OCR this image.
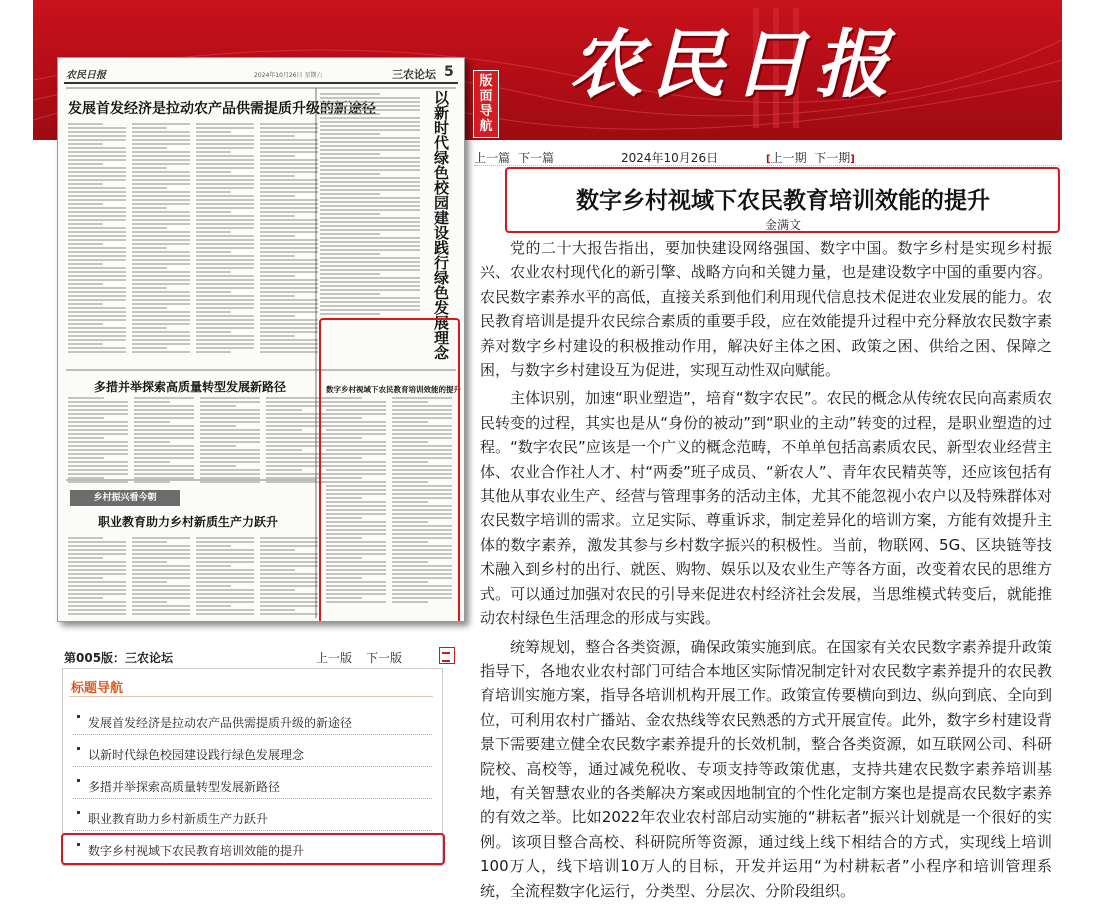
农民日报
版面导航
农民日报	2024年10月26日 星期六	三农论坛 5
发展首发经济是拉动农产品供需提质升级的新途径	以新时代绿色校园建设践行绿色发展理念
多措并举探索高质量转型发展新路径
乡村振兴看今朝
职业教育助力乡村新质生产力跃升
数字乡村视域下农民教育培训效能的提升
第005版：三农论坛	上一版 下一版
标题导航
发展首发经济是拉动农产品供需提质升级的新途径
以新时代绿色校园建设践行绿色发展理念
多措并举探索高质量转型发展新路径
职业教育助力乡村新质生产力跃升
数字乡村视域下农民教育培训效能的提升
上一篇 下一篇	2024年10月26日	[上一期 下一期]
数字乡村视域下农民教育培训效能的提升
金满文

党的二十大报告指出，要加快建设网络强国、数字中国。数字乡村是实现乡村振兴、农业农村现代化的新引擎、战略方向和关键力量，也是建设数字中国的重要内容。农民数字素养水平的高低，直接关系到他们利用现代信息技术促进农业发展的能力。农民教育培训是提升农民综合素质的重要手段，应在效能提升过程中充分释放农民数字素养对数字乡村建设的积极推动作用，解决好主体之困、政策之困、供给之困、保障之困，与数字乡村建设互为促进，实现互动性双向赋能。

主体识别，加速“职业塑造”，培育“数字农民”。农民的概念从传统农民向高素质农民转变的过程，其实也是从“身份的被动”到“职业的主动”转变的过程，是职业塑造的过程。“数字农民”应该是一个广义的概念范畴，不单单包括高素质农民、新型农业经营主体、农业合作社人才、村“两委”班子成员、“新农人”、青年农民精英等，还应该包括有其他从事农业生产、经营与管理事务的活动主体，尤其不能忽视小农户以及特殊群体对农民数字培训的需求。立足实际、尊重诉求，制定差异化的培训方案，方能有效提升主体的数字素养，激发其参与乡村数字振兴的积极性。当前，物联网、5G、区块链等技术融入到乡村的出行、就医、购物、娱乐以及农业生产等各方面，改变着农民的思维方式。可以通过加强对农民的引导来促进农村经济社会发展，当思维模式转变后，就能推动农村绿色生活理念的形成与实践。

统筹规划，整合各类资源，确保政策实施到底。在国家有关农民数字素养提升政策指导下，各地农业农村部门可结合本地区实际情况制定针对农民数字素养提升的农民教育培训实施方案，指导各培训机构开展工作。政策宣传要横向到边、纵向到底、全向到位，可利用农村广播站、金农热线等农民熟悉的方式开展宣传。此外，数字乡村建设背景下需要建立健全农民数字素养提升的长效机制，整合各类资源，如互联网公司、科研院校、高校等，通过减免税收、专项支持等政策优惠，支持共建农民数字素养培训基地，有关智慧农业的各类解决方案或因地制宜的个性化定制方案也是提高农民数字素养的有效之举。比如2022年农业农村部启动实施的“耕耘者”振兴计划就是一个很好的实例。该项目整合高校、科研院所等资源，通过线上线下相结合的方式，实现线上培训100万人，线下培训10万人的目标，开发并运用“为村耕耘者”小程序和培训管理系统，全流程数字化运行，分类型、分层次、分阶段组织。
